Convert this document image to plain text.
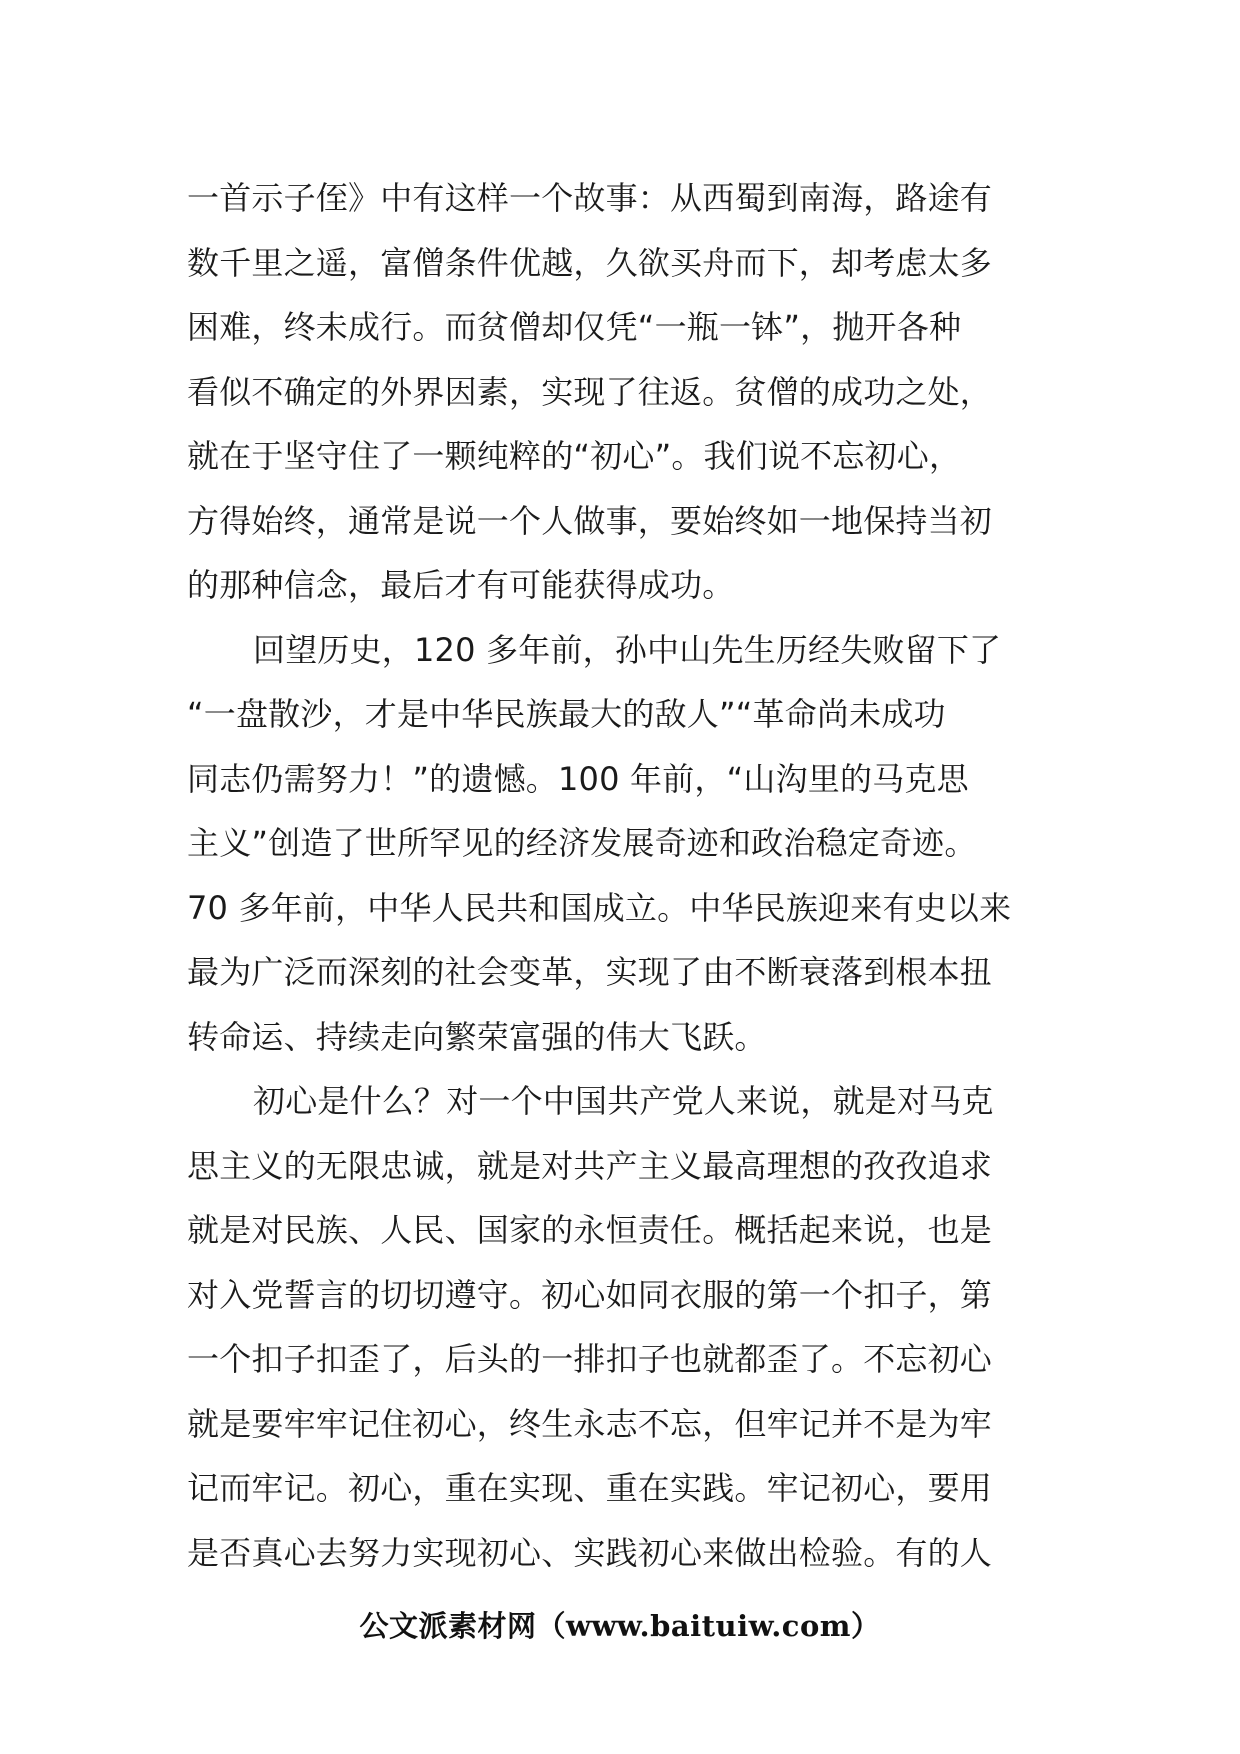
一首示子侄》中有这样一个故事：从西蜀到南海，路途有
数千里之遥，富僧条件优越，久欲买舟而下，却考虑太多
困难，终未成行。而贫僧却仅凭“一瓶一钵”，抛开各种
看似不确定的外界因素，实现了往返。贫僧的成功之处，
就在于坚守住了一颗纯粹的“初心”。我们说不忘初心，
方得始终，通常是说一个人做事，要始终如一地保持当初
的那种信念，最后才有可能获得成功。
回望历史，120 多年前，孙中山先生历经失败留下了
“一盘散沙，才是中华民族最大的敌人”“革命尚未成功
同志仍需努力！”的遗憾。100 年前，“山沟里的马克思
主义”创造了世所罕见的经济发展奇迹和政治稳定奇迹。
70 多年前，中华人民共和国成立。中华民族迎来有史以来
最为广泛而深刻的社会变革，实现了由不断衰落到根本扭
转命运、持续走向繁荣富强的伟大飞跃。
初心是什么？对一个中国共产党人来说，就是对马克
思主义的无限忠诚，就是对共产主义最高理想的孜孜追求
就是对民族、人民、国家的永恒责任。概括起来说，也是
对入党誓言的切切遵守。初心如同衣服的第一个扣子，第
一个扣子扣歪了，后头的一排扣子也就都歪了。不忘初心
就是要牢牢记住初心，终生永志不忘，但牢记并不是为牢
记而牢记。初心，重在实现、重在实践。牢记初心，要用
是否真心去努力实现初心、实践初心来做出检验。有的人
公文派素材网（www.baituiw.com）
